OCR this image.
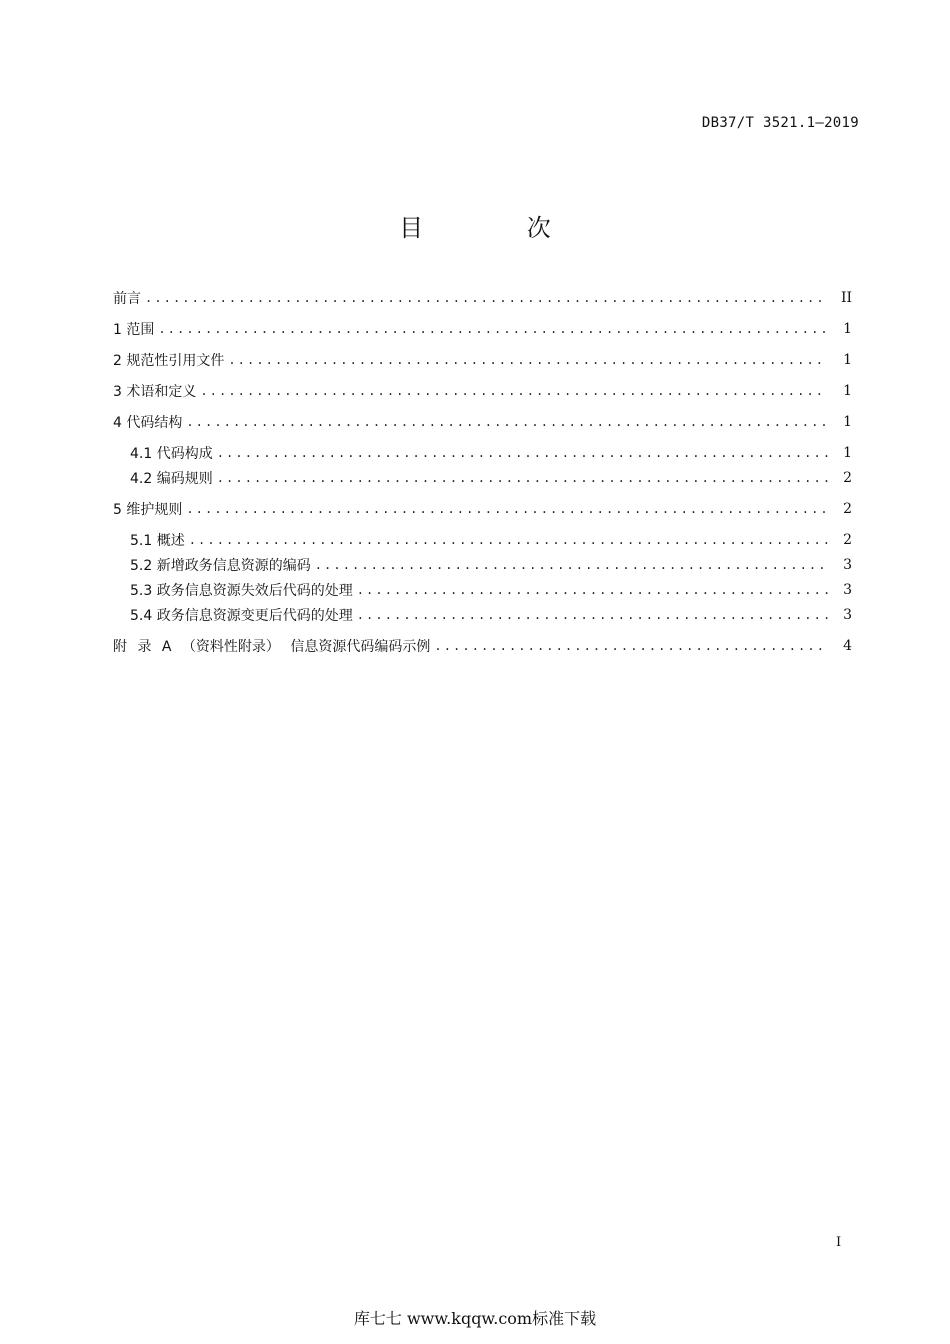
DB37/T 3521.1—2019
目 次
前言 .....	II
1 范围 .....	1
2 规范性引用文件 .....	1
3 术语和定义 .....	1
4 代码结构 .....	1
4.1 代码构成 .....	1
4.2 编码规则 .....	2
5 维护规则 .....	2
5.1 概述 .....	2
5.2 新增政务信息资源的编码 .....	3
5.3 政务信息资源失效后代码的处理 .....	3
5.4 政务信息资源变更后代码的处理 .....	3
附 录 A （资料性附录） 信息资源代码编码示例 .....	4
I
库七七 www.kqqw.com标准下载
